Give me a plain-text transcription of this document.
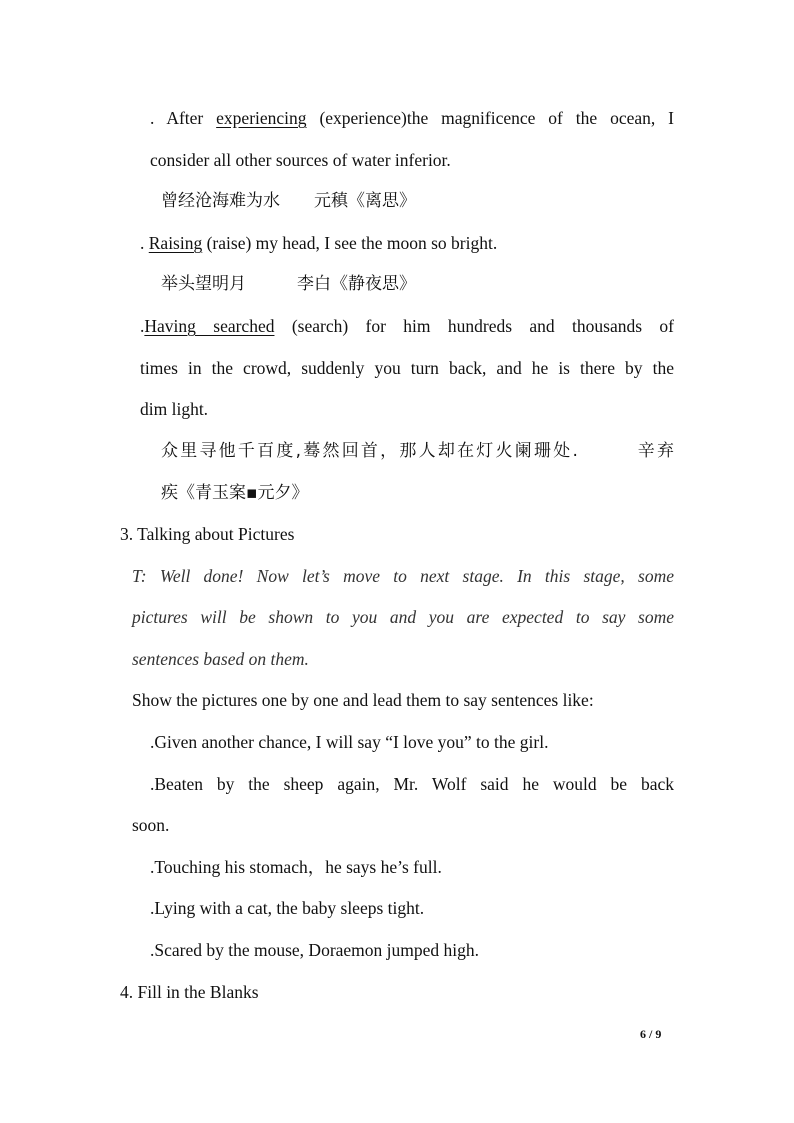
. After experiencing (experience)the magnificence of the ocean, I
consider all other sources of water inferior.
曾经沧海难为水　　元稹《离思》
. Raising (raise) my head, I see the moon so bright.
举头望明月　　　李白《静夜思》
.Having searched (search) for him hundreds and thousands of
times in the crowd, suddenly you turn back, and he is there by the
dim light.
众里寻他千百度,蓦然回首，那人却在灯火阑珊处.　　　辛弃
疾《青玉案▪元夕》
3. Talking about Pictures
T: Well done! Now let’s move to next stage. In this stage, some
pictures will be shown to you and you are expected to say some
sentences based on them.
Show the pictures one by one and lead them to say sentences like:
.Given another chance, I will say “I love you” to the girl.
.Beaten by the sheep again, Mr. Wolf said he would be back
soon.
.Touching his stomach，he says he’s full.
.Lying with a cat, the baby sleeps tight.
.Scared by the mouse, Doraemon jumped high.
4. Fill in the Blanks
6 / 9
